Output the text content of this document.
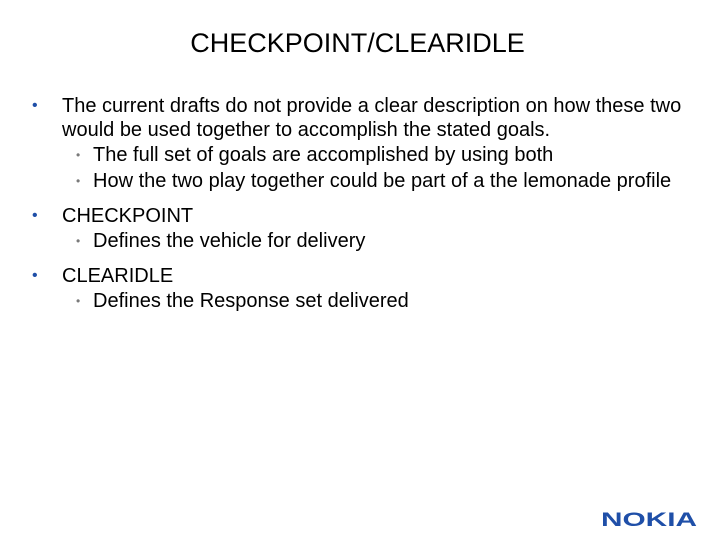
CHECKPOINT/CLEARIDLE
• The current drafts do not provide a clear description on how these two would be used together to accomplish the stated goals.
• The full set of goals are accomplished by using both
• How the two play together could be part of a the lemonade profile
• CHECKPOINT
• Defines the vehicle for delivery
• CLEARIDLE
• Defines the Response set delivered
NOKIA
